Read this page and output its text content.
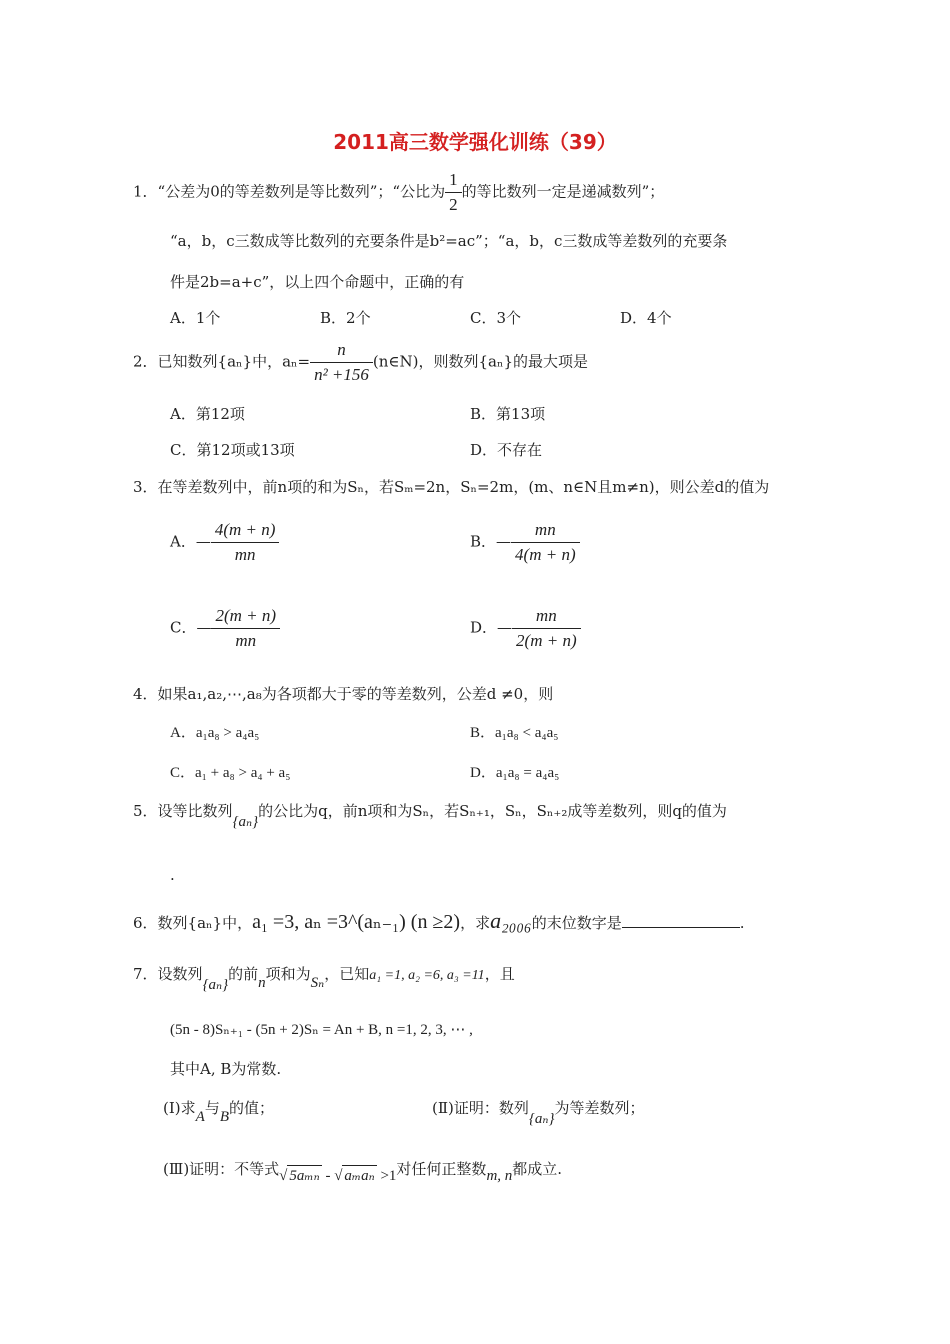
2011高三数学强化训练（39）
1．“公差为0的等差数列是等比数列”；“公比为 $\frac{1}{2}$ 的等比数列一定是递减数列”；
“a，b，c三数成等比数列的充要条件是b²=ac”；“a，b，c三数成等差数列的充要条
件是2b=a+c”，以上四个命题中，正确的有
A．1个	B．2个	C．3个	D．4个
2．已知数列{aₙ}中，$a_n= \frac{n}{\text{n² +156}}$ (n∈N)，则数列{aₙ}的最大项是
A．第12项	B．第13项
C．第12项或13项	D．不存在
3．在等差数列中，前n项的和为Sₙ，若Sₘ=2n，Sₙ=2m，(m、n∈N且m≠n)，则公差d的值为
A．— $\frac{4(m + n)}{mn}$	B．— $\frac{mn}{4(m + n)}$
C．— $\frac{2(m + n)}{mn}$	D．— $\frac{mn}{2(m + n)}$
4．如果a₁,a₂,⋯,a₈为各项都大于零的等差数列，公差d ≠0，则
A．a₁a₈ > a₄a₅	B．a₁a₈ < a₄a₅
C．a₁ + a₈ > a₄ + a₅	D．a₁a₈ = a₄a₅
5．设等比数列{aₙ}的公比为q，前n项和为Sₙ，若Sₙ₊₁，Sₙ，Sₙ₊₂成等差数列，则q的值为
.
6．数列{aₙ}中，a₁ =3, aₙ =3^(aₙ₋₁) (n ≥2)，求a₂₀₀₆的末位数字是	.
7．设数列{aₙ}的前n项和为Sₙ，已知a₁ =1, a₂ =6, a₃ =11，且
(5n - 8)Sₙ₊₁ - (5n + 2)Sₙ = An + B, n =1, 2, 3, ⋯ ,
其中A, B为常数.
(Ⅰ)求A与B的值；	(Ⅱ)证明：数列{aₙ}为等差数列；
(Ⅲ)证明：不等式√ 5aₘₙ - √ aₘaₙ >1对任何正整数m, n都成立.
